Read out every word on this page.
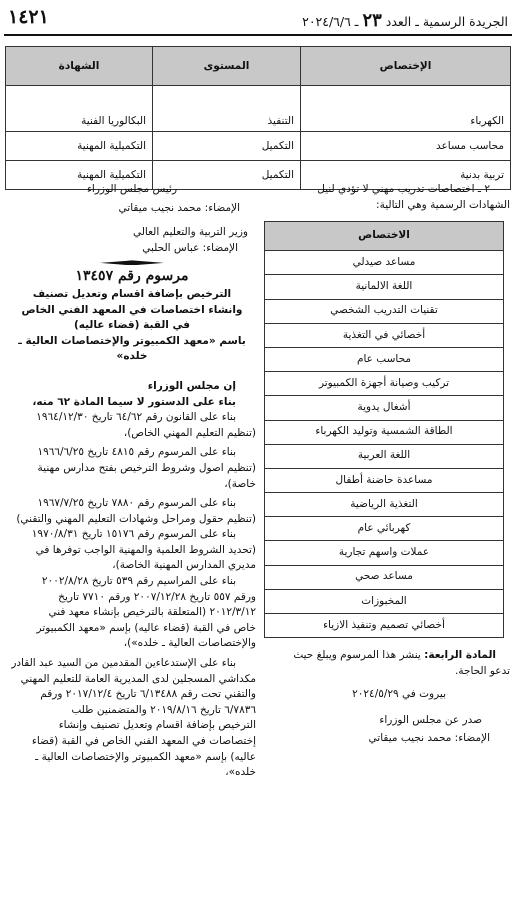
١٤٢١	الجريدة الرسمية ـ العدد ٢٣ ـ ٢٠٢٤/٦/٦
الإختصاص	المستوى	الشهادة
الكهرباء	التنفيذ	البكالوريا الفنية
محاسب مساعد	التكميل	التكميلية المهنية
تربية بدنية	التكميل	التكميلية المهنية
رئيس مجلس الوزراء
الإمضاء: محمد نجيب ميقاتي
وزير التربية والتعليم العالي
الإمضاء: عباس الحلبي
مرسوم رقم ١٣٤٥٧
الترخيص بإضافة اقسام وتعديل تصنيف
وانشاء اختصاصات في المعهد الفني الخاص
في القبة (قضاء عاليه)
باسم «معهد الكمبيوتر والإختصاصات العالية ـ
خلده»
إن مجلس الوزراء
بناء على الدستور لا سيما المادة ٦٢ منه،
بناء على القانون رقم ٦٤/٦٢ تاريخ ١٩٦٤/١٢/٣٠
(تنظيم التعليم المهني الخاص)،
بناء على المرسوم رقم ٤٨١٥ تاريخ ١٩٦٦/٦/٢٥
(تنظيم اصول وشروط الترخيص بفتح مدارس مهنية
خاصة)،
بناء على المرسوم رقم ٧٨٨٠ تاريخ ١٩٦٧/٧/٢٥
(تنظيم حقول ومراحل وشهادات التعليم المهني والتقني)
بناء على المرسوم رقم ١٥١٧٦ تاريخ ١٩٧٠/٨/٣١
(تحديد الشروط العلمية والمهنية الواجب توفرها في
مديري المدارس المهنية الخاصة)،
بناء على المراسيم رقم ٥٣٩ تاريخ ٢٠٠٢/٨/٢٨
ورقم ٥٥٧ تاريخ ٢٠٠٧/١٢/٢٨ ورقم ٧٧١٠ تاريخ
٢٠١٢/٣/١٢ (المتعلقة بالترخيص بإنشاء معهد فني
خاص في القبة (قضاء عاليه) بإسم «معهد الكمبيوتر
والإختصاصات العالية ـ خلده»)،
بناء على الإستدعاءين المقدمين من السيد عبد القادر
مكداشي المسجلين لدى المديرية العامة للتعليم المهني
والتقني تحت رقم ٦/١٣٤٨٨ تاريخ ٢٠١٧/١٢/٤ ورقم
٦/٧٨٣٦ تاريخ ٢٠١٩/٨/١٦ والمتضمنين طلب
الترخيص بإضافة اقسام وتعديل تصنيف وإنشاء
إختصاصات في المعهد الفني الخاص في القبة (قضاء
عاليه) بإسم «معهد الكمبيوتر والإختصاصات العالية ـ
خلده»،
٢ ـ اختصاصات تدريب مهني لا تؤدي لنيل
الشهادات الرسمية وهي التالية:
الاختصاص
مساعد صيدلي
اللغة الالمانية
تقنيات التدريب الشخصي
أخصائي في التغذية
محاسب عام
تركيب وصيانة أجهزة الكمبيوتر
أشغال يدوية
الطاقة الشمسية وتوليد الكهرباء
اللغة العربية
مساعدة حاضنة أطفال
التغذية الرياضية
كهربائي عام
عملات واسهم تجارية
مساعد صحي
المخبوزات
أخصائي تصميم وتنفيذ الازياء
المادة الرابعة: ينشر هذا المرسوم ويبلغ حيث
تدعو الحاجة.
بيروت في ٢٠٢٤/٥/٢٩
صدر عن مجلس الوزراء
الإمضاء: محمد نجيب ميقاتي
